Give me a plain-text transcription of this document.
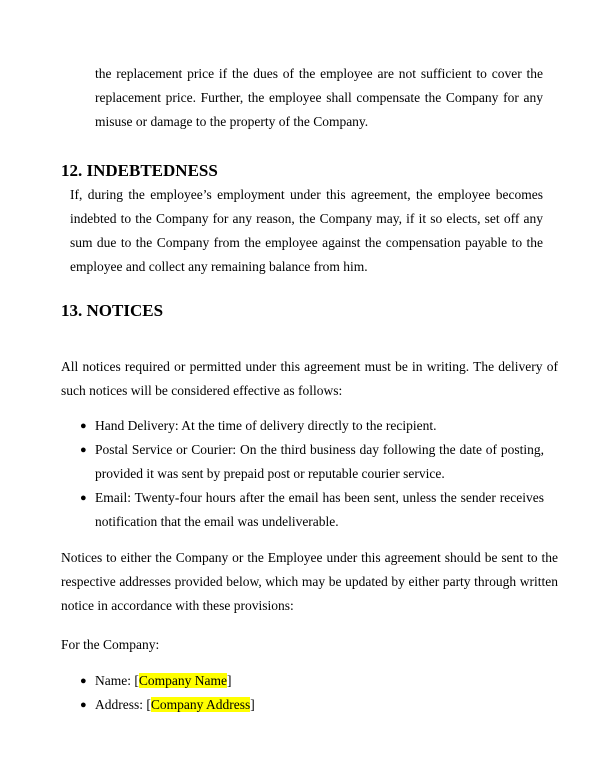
the replacement price if the dues of the employee are not sufficient to cover the replacement price. Further, the employee shall compensate the Company for any misuse or damage to the property of the Company.

12. INDEBTEDNESS

If, during the employee’s employment under this agreement, the employee becomes indebted to the Company for any reason, the Company may, if it so elects, set off any sum due to the Company from the employee against the compensation payable to the employee and collect any remaining balance from him.

13. NOTICES

All notices required or permitted under this agreement must be in writing. The delivery of such notices will be considered effective as follows:

● Hand Delivery: At the time of delivery directly to the recipient.
● Postal Service or Courier: On the third business day following the date of posting, provided it was sent by prepaid post or reputable courier service.
● Email: Twenty-four hours after the email has been sent, unless the sender receives notification that the email was undeliverable.

Notices to either the Company or the Employee under this agreement should be sent to the respective addresses provided below, which may be updated by either party through written notice in accordance with these provisions:

For the Company:

● Name: [Company Name]
● Address: [Company Address]
